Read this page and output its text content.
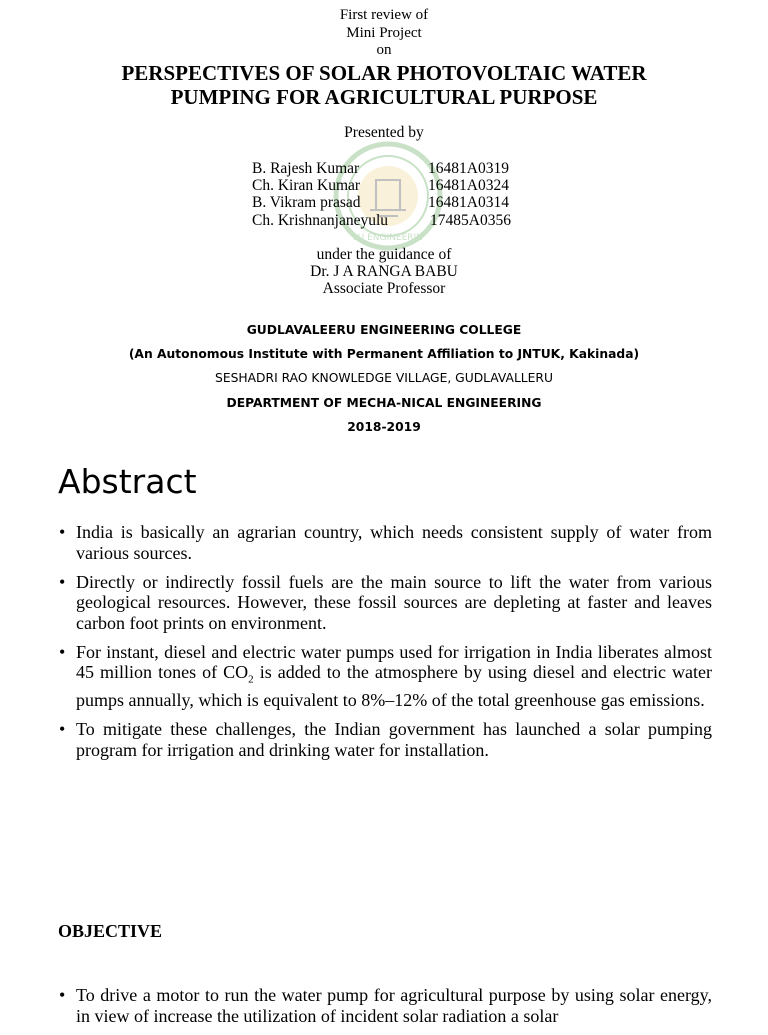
First review of
Mini Project
on
PERSPECTIVES OF SOLAR PHOTOVOLTAIC WATER
PUMPING FOR AGRICULTURAL PURPOSE
Presented by
LU ENGINEERIN
B. Rajesh Kumar	16481A0319
Ch. Kiran Kumar	16481A0324
B. Vikram prasad	16481A0314
Ch. Krishnanjaneyulu	17485A0356
under the guidance of
Dr. J A RANGA BABU
Associate Professor
GUDLAVALEERU ENGINEERING COLLEGE
(An Autonomous Institute with Permanent Affiliation to JNTUK, Kakinada)
SESHADRI RAO KNOWLEDGE VILLAGE, GUDLAVALLERU
DEPARTMENT OF MECHA-NICAL ENGINEERING
2018-2019
Abstract
• India is basically an agrarian country, which needs consistent supply of water from various sources.
• Directly or indirectly fossil fuels are the main source to lift the water from various geological resources. However, these fossil sources are depleting at faster and leaves carbon foot prints on environment.
• For instant, diesel and electric water pumps used for irrigation in India liberates almost 45 million tones of $CO_2$ is added to the atmosphere by using diesel and electric water pumps annually, which is equivalent to 8%–12% of the total greenhouse gas emissions.
• To mitigate these challenges, the Indian government has launched a solar pumping program for irrigation and drinking water for installation.
OBJECTIVE
• To drive a motor to run the water pump for agricultural purpose by using solar energy, in view of increase the utilization of incident solar radiation a solar
